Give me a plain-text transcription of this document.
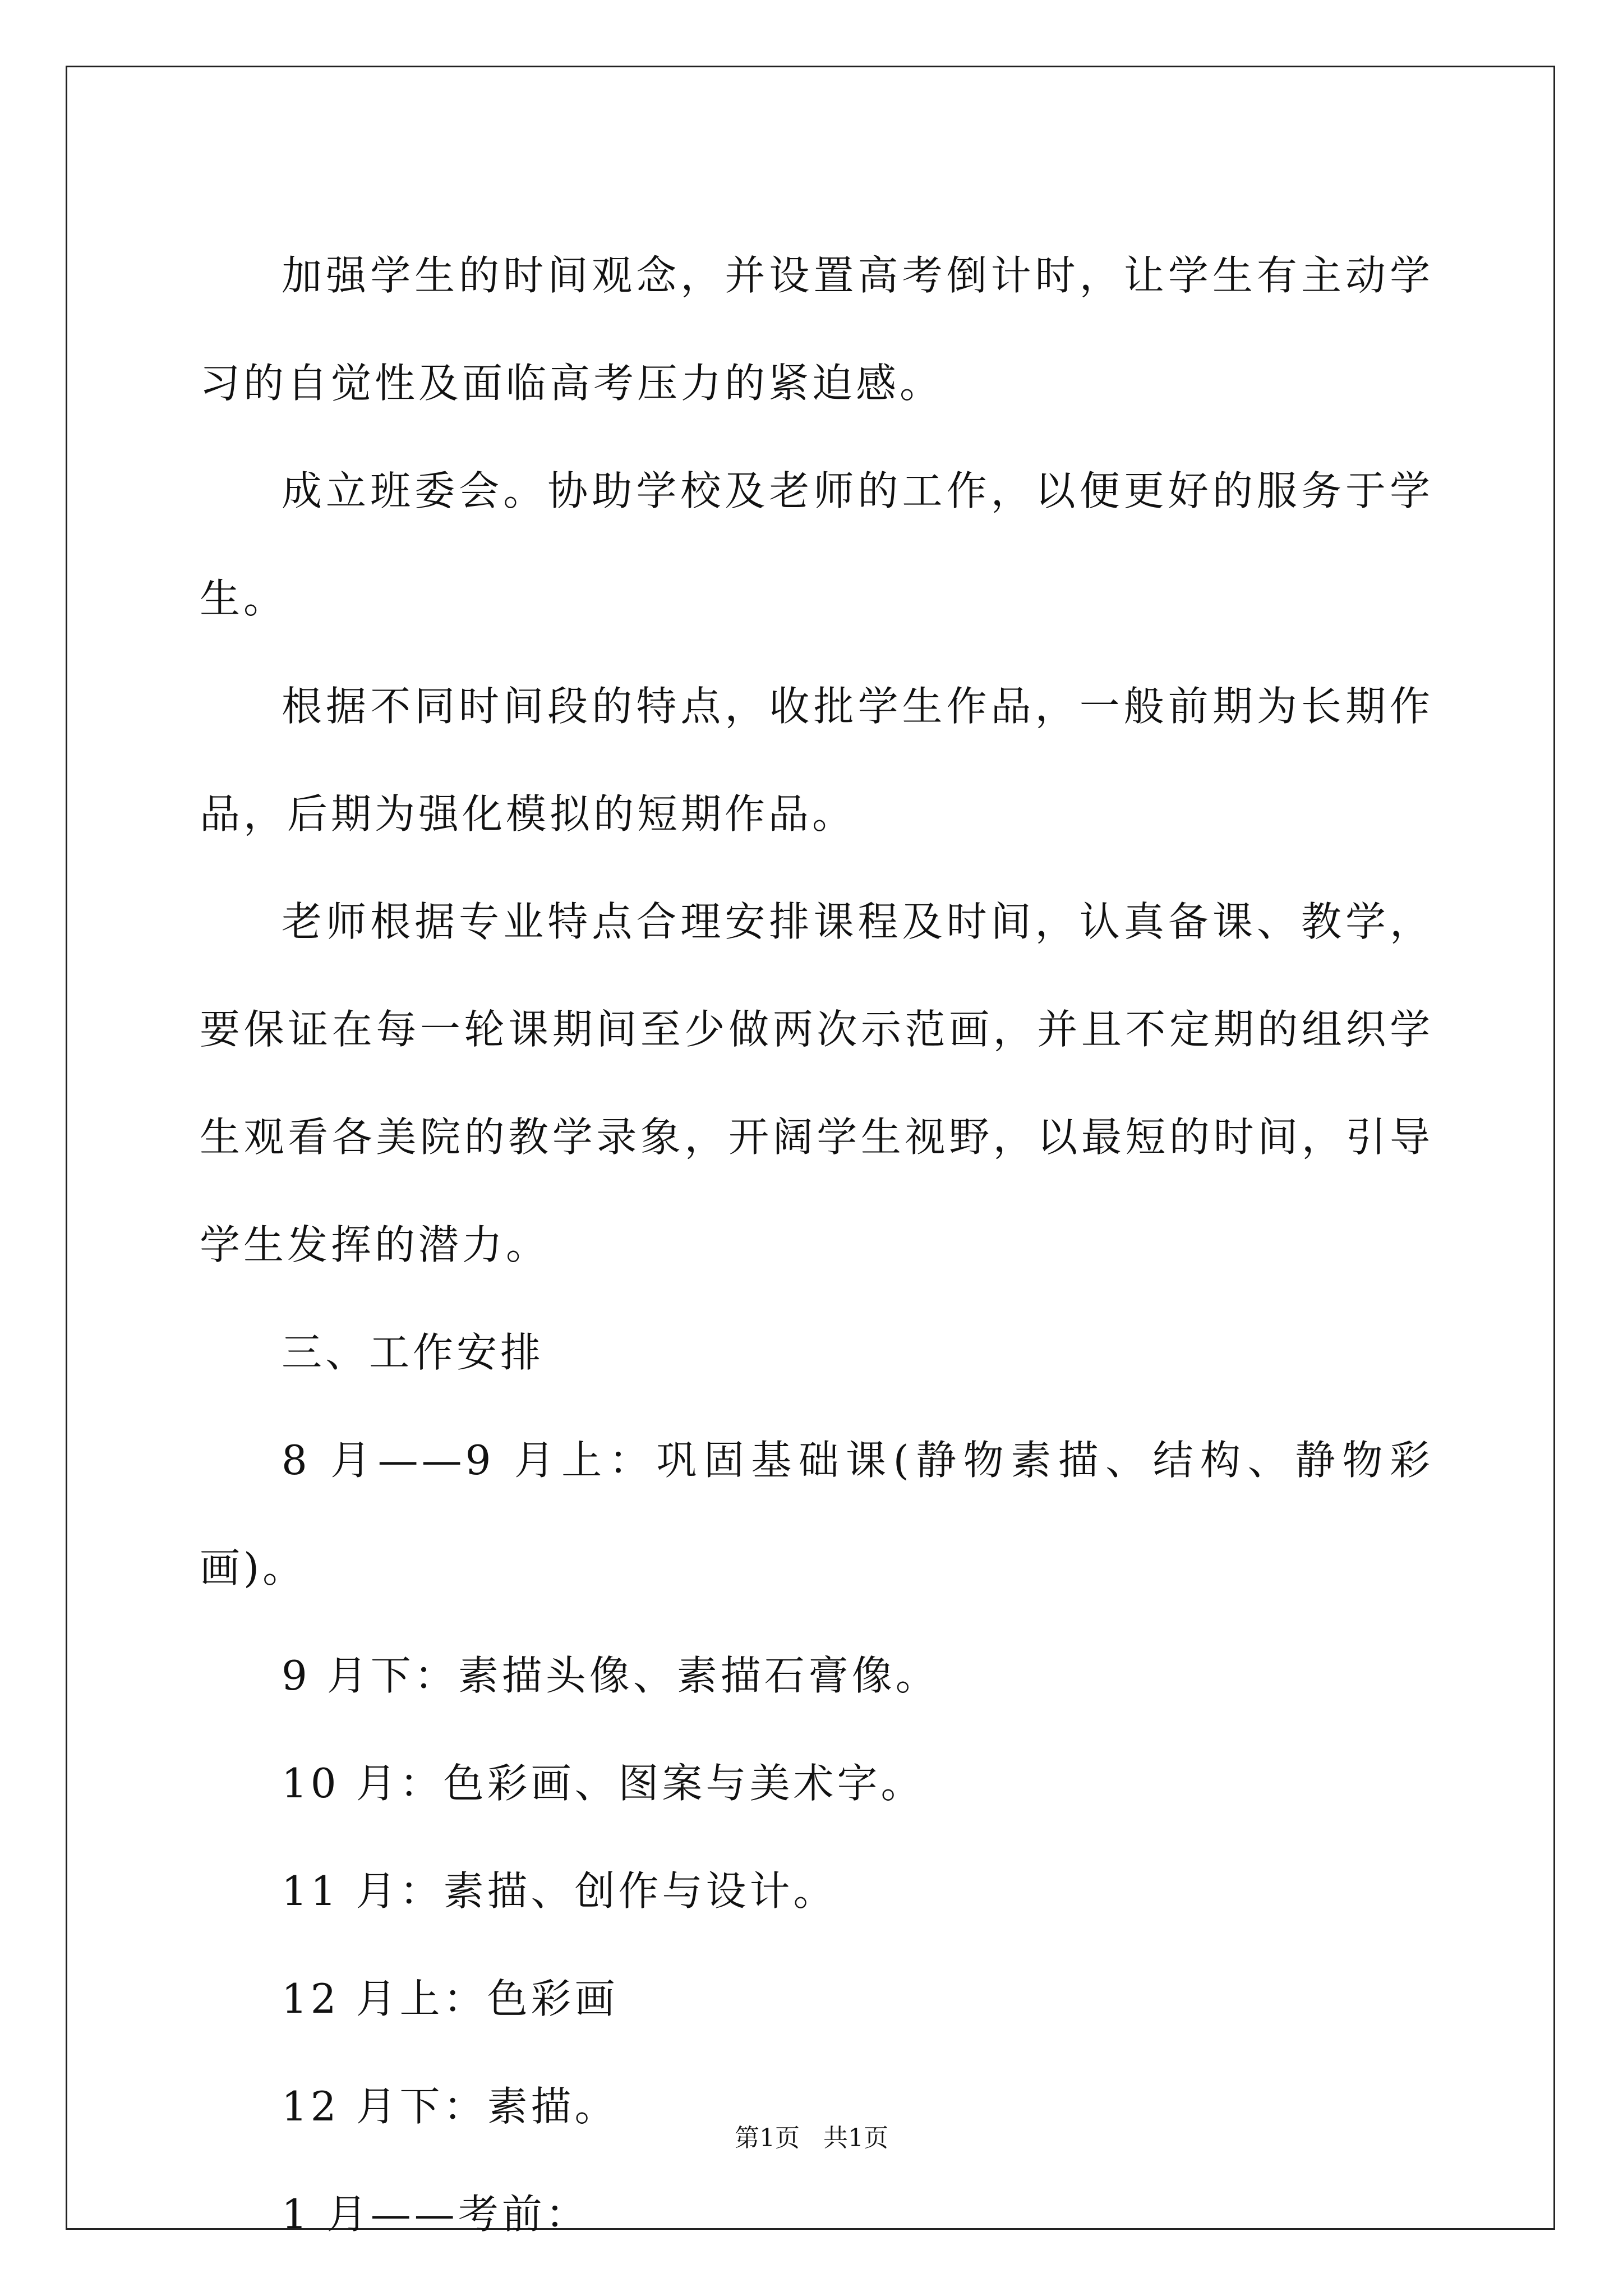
加强学生的时间观念，并设置高考倒计时，让学生有主动学习的自觉性及面临高考压力的紧迫感。

成立班委会。协助学校及老师的工作，以便更好的服务于学生。

根据不同时间段的特点，收批学生作品，一般前期为长期作品，后期为强化模拟的短期作品。

老师根据专业特点合理安排课程及时间，认真备课、教学，要保证在每一轮课期间至少做两次示范画，并且不定期的组织学生观看各美院的教学录象，开阔学生视野，以最短的时间，引导学生发挥的潜力。

三、工作安排

8 月——9 月上：巩固基础课(静物素描、结构、静物彩画)。

9 月下：素描头像、素描石膏像。

10 月：色彩画、图案与美术字。

11 月：素描、创作与设计。

12 月上：色彩画

12 月下：素描。

1 月——考前：

第1页   共1页
